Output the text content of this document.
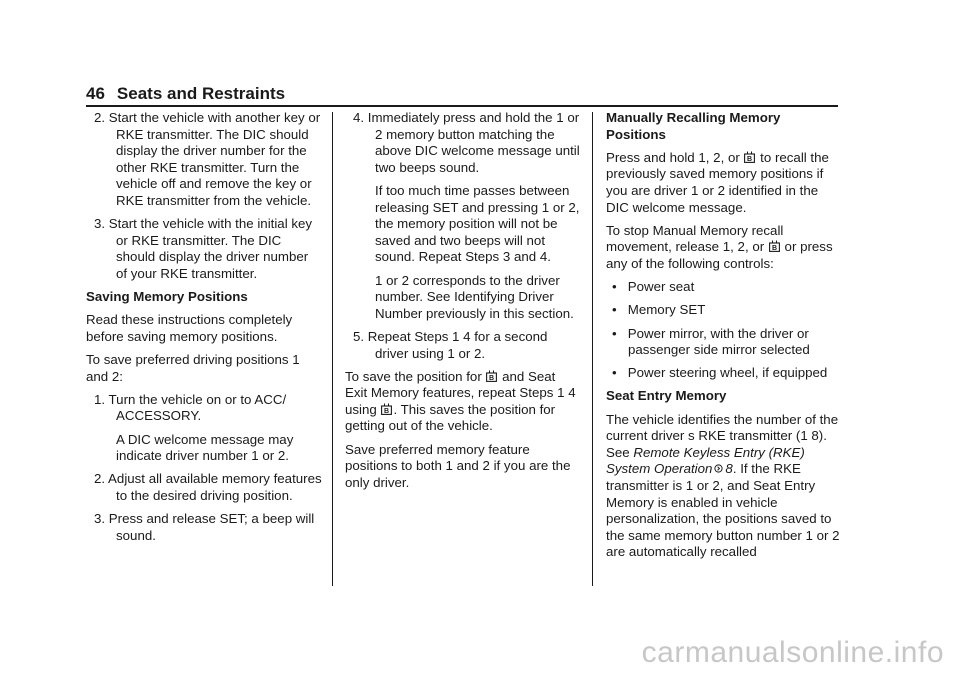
46 Seats and Restraints

2. Start the vehicle with another key or RKE transmitter. The DIC should display the driver number for the other RKE transmitter. Turn the vehicle off and remove the key or RKE transmitter from the vehicle.

3. Start the vehicle with the initial key or RKE transmitter. The DIC should display the driver number of your RKE transmitter.

Saving Memory Positions

Read these instructions completely before saving memory positions.

To save preferred driving positions 1 and 2:

1. Turn the vehicle on or to ACC/ ACCESSORY.

A DIC welcome message may indicate driver number 1 or 2.

2. Adjust all available memory features to the desired driving position.

3. Press and release SET; a beep will sound.

4. Immediately press and hold the 1 or 2 memory button matching the above DIC welcome message until two beeps sound.

If too much time passes between releasing SET and pressing 1 or 2, the memory position will not be saved and two beeps will not sound. Repeat Steps 3 and 4.

1 or 2 corresponds to the driver number. See Identifying Driver Number previously in this section.

5. Repeat Steps 1 4 for a second driver using 1 or 2.

To save the position for B and Seat Exit Memory features, repeat Steps 1 4 using B . This saves the position for getting out of the vehicle.

Save preferred memory feature positions to both 1 and 2 if you are the only driver.

Manually Recalling Memory Positions

Press and hold 1, 2, or B to recall the previously saved memory positions if you are driver 1 or 2 identified in the DIC welcome message.

To stop Manual Memory recall movement, release 1, 2, or B or press any of the following controls:

• Power seat

• Memory SET

• Power mirror, with the driver or passenger side mirror selected

• Power steering wheel, if equipped

Seat Entry Memory

The vehicle identifies the number of the current driver s RKE transmitter (1 8). See Remote Keyless Entry (RKE) System Operation 8. If the RKE transmitter is 1 or 2, and Seat Entry Memory is enabled in vehicle personalization, the positions saved to the same memory button number 1 or 2 are automatically recalled

carmanualsonline.info
